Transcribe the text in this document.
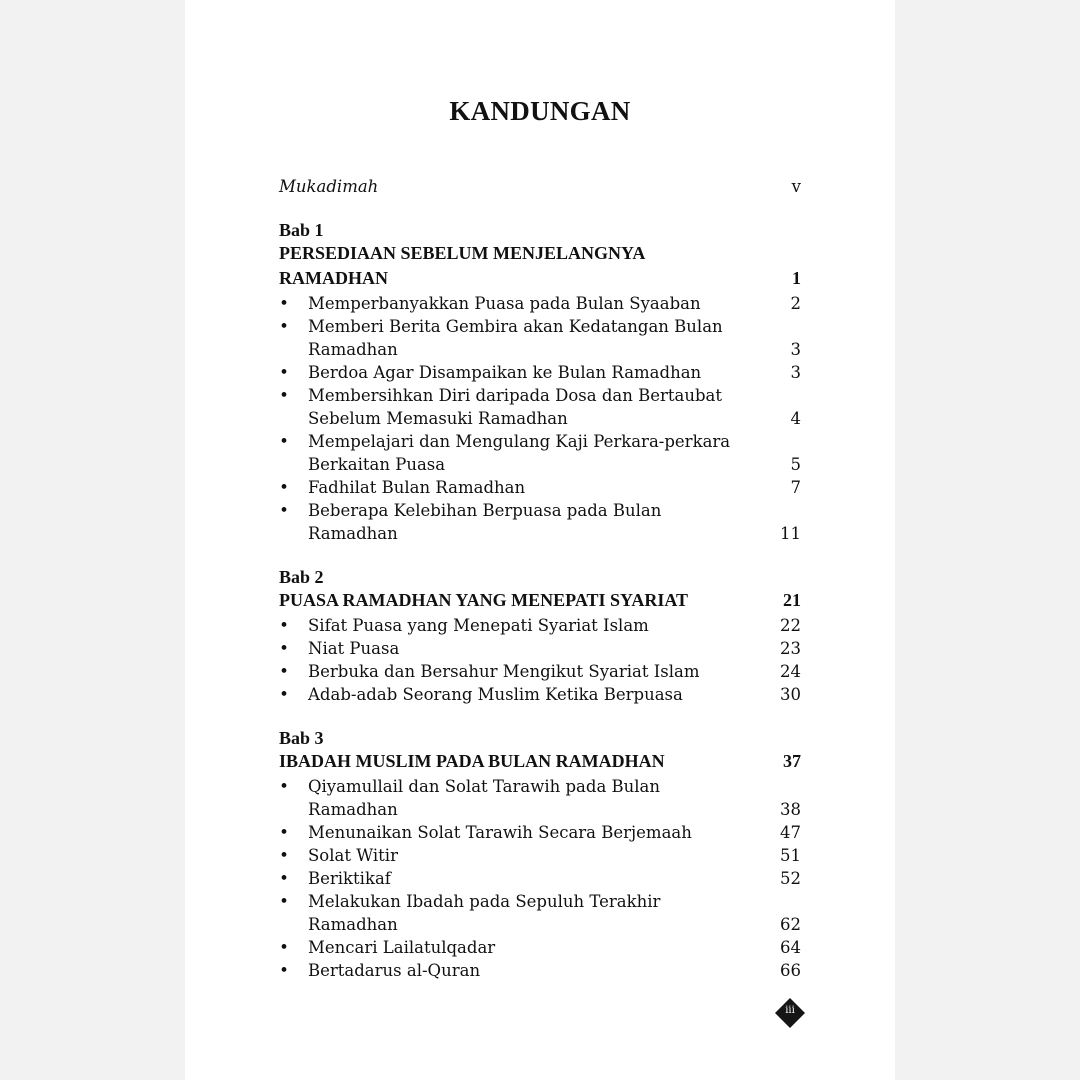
KANDUNGAN
Mukadimah	v
Bab 1
PERSEDIAAN SEBELUM MENJELANGNYA
RAMADHAN	1
• Memperbanyakkan Puasa pada Bulan Syaaban	2
• Memberi Berita Gembira akan Kedatangan Bulan
Ramadhan	3
• Berdoa Agar Disampaikan ke Bulan Ramadhan	3
• Membersihkan Diri daripada Dosa dan Bertaubat
Sebelum Memasuki Ramadhan	4
• Mempelajari dan Mengulang Kaji Perkara-perkara
Berkaitan Puasa	5
• Fadhilat Bulan Ramadhan	7
• Beberapa Kelebihan Berpuasa pada Bulan Ramadhan	11
Bab 2
PUASA RAMADHAN YANG MENEPATI SYARIAT	21
• Sifat Puasa yang Menepati Syariat Islam	22
• Niat Puasa	23
• Berbuka dan Bersahur Mengikut Syariat Islam	24
• Adab-adab Seorang Muslim Ketika Berpuasa	30
Bab 3
IBADAH MUSLIM PADA BULAN RAMADHAN	37
• Qiyamullail dan Solat Tarawih pada Bulan Ramadhan	38
• Menunaikan Solat Tarawih Secara Berjemaah	47
• Solat Witir	51
• Beriktikaf	52
• Melakukan Ibadah pada Sepuluh Terakhir Ramadhan	62
• Mencari Lailatulqadar	64
• Bertadarus al-Quran	66
iii
